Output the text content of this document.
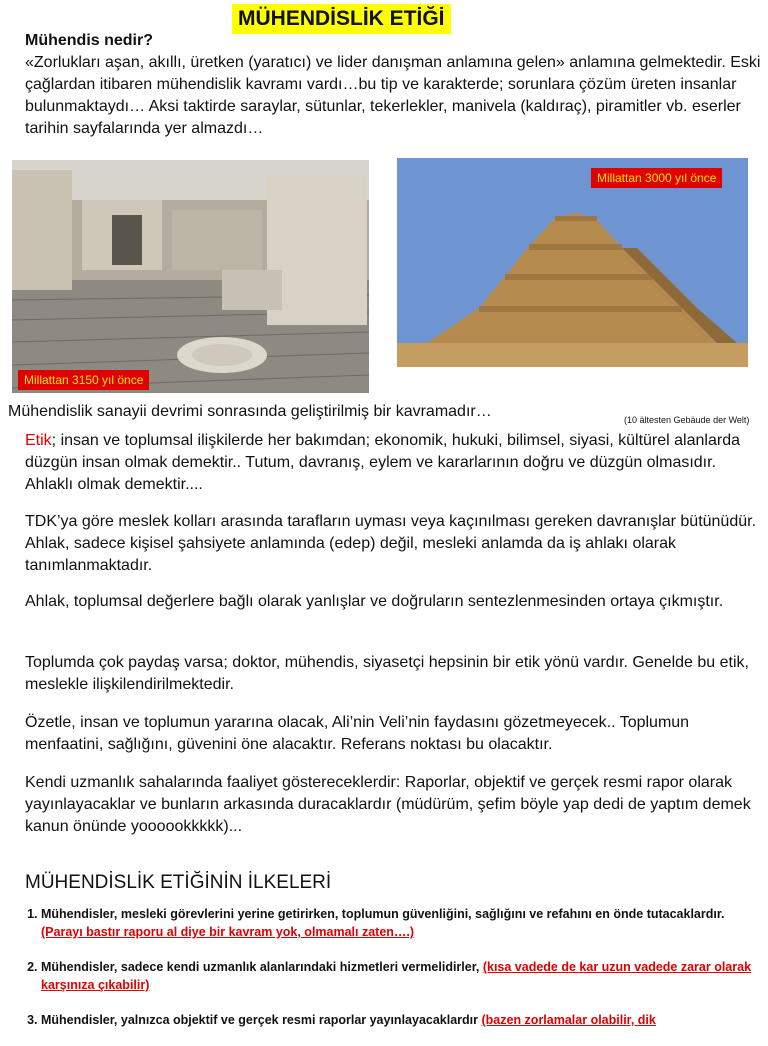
MÜHENDİSLİK ETİĞİ
Mühendis nedir?
«Zorlukları aşan, akıllı, üretken (yaratıcı) ve lider danışman anlamına gelen» anlamına gelmektedir. Eski çağlardan itibaren mühendislik kavramı vardı…bu tip ve karakterde; sorunlara çözüm üreten insanlar bulunmaktaydı… Aksi taktirde saraylar, sütunlar, tekerlekler, manivela (kaldıraç), piramitler vb. eserler tarihin sayfalarında yer almazdı…
Millattan 3150 yıl önce
Millattan 3000 yıl önce
Mühendislik sanayii devrimi sonrasında geliştirilmiş bir kavramadır…	(10 ältesten Gebäude der Welt)
Etik; insan ve toplumsal ilişkilerde her bakımdan; ekonomik, hukuki, bilimsel, siyasi, kültürel alanlarda düzgün insan olmak demektir.. Tutum, davranış, eylem ve kararlarının doğru ve düzgün olmasıdır. Ahlaklı olmak demektir....
TDK’ya göre meslek kolları arasında tarafların uyması veya kaçınılması gereken davranışlar bütünüdür. Ahlak, sadece kişisel şahsiyete anlamında (edep) değil, mesleki anlamda da iş ahlakı olarak tanımlanmaktadır.
Ahlak, toplumsal değerlere bağlı olarak yanlışlar ve doğruların sentezlenmesinden ortaya çıkmıştır.
Toplumda çok paydaş varsa; doktor, mühendis, siyasetçi hepsinin bir etik yönü vardır. Genelde bu etik, meslekle ilişkilendirilmektedir.
Özetle, insan ve toplumun yararına olacak, Ali’nin Veli’nin faydasını gözetmeyecek.. Toplumun menfaatini, sağlığını, güvenini öne alacaktır. Referans noktası bu olacaktır.
Kendi uzmanlık sahalarında faaliyet göstereceklerdir: Raporlar, objektif ve gerçek resmi rapor olarak yayınlayacaklar ve bunların arkasında duracaklardır (müdürüm, şefim böyle yap dedi de yaptım demek kanun önünde yoooookkkkk)...
MÜHENDİSLİK ETİĞİNİN İLKELERİ
1. Mühendisler, mesleki görevlerini yerine getirirken, toplumun güvenliğini, sağlığını ve refahını en önde tutacaklardır. (Parayı bastır raporu al diye bir kavram yok, olmamalı zaten….)
2. Mühendisler, sadece kendi uzmanlık alanlarındaki hizmetleri vermelidirler, (kısa vadede de kar uzun vadede zarar olarak karşınıza çıkabilir)
3. Mühendisler, yalnızca objektif ve gerçek resmi raporlar yayınlayacaklardır (bazen zorlamalar olabilir, dik
